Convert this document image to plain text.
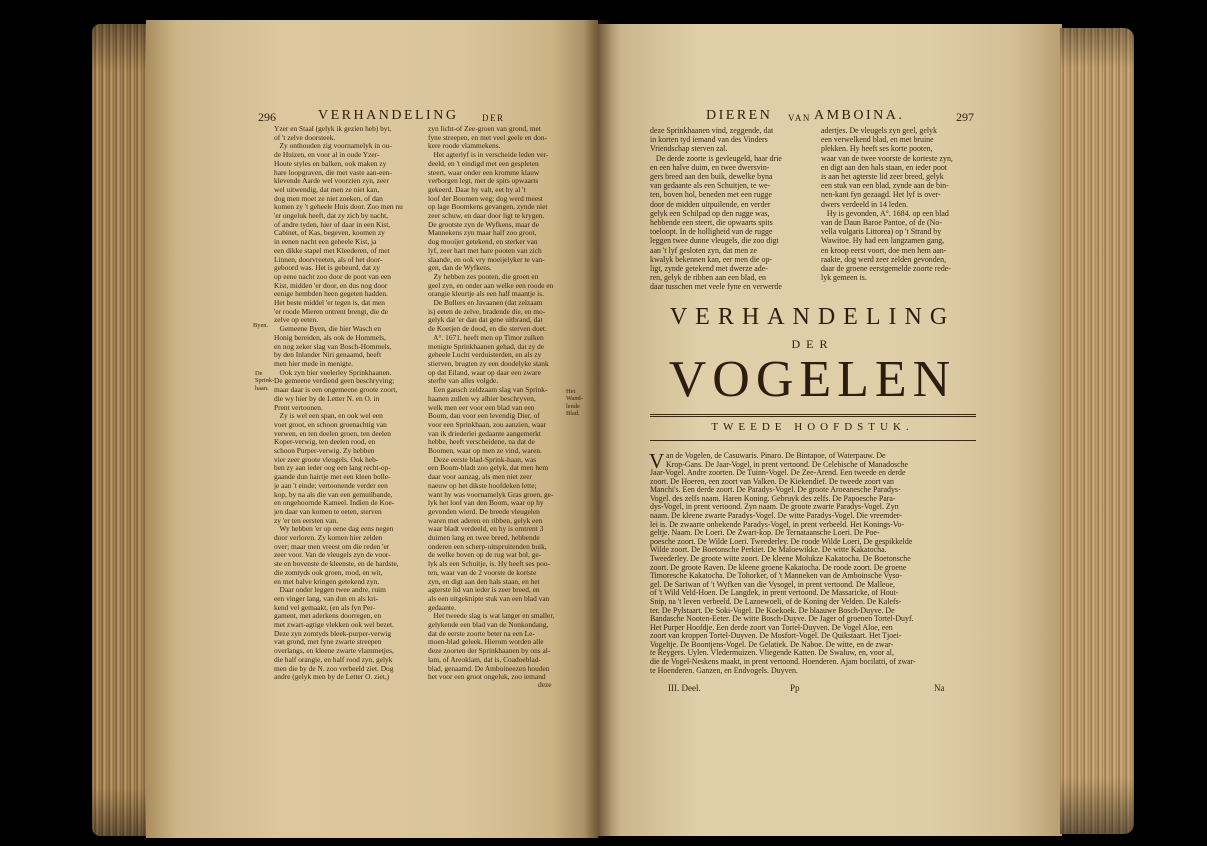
296	VERHANDELING	DER
Yzer en Staal (gelyk ik gezien heb) byt,
of 't zelve doorsteek.
Zy onthouden zig voornamelyk in ou-
de Huizen, en voor al in oude Yzer-
Houte styles en balken, ook maken zy
hare loopgraven, die met vaste aan-een-
klevende Aarde wel voorzien zyn, zeer
wel uitwendig, dat men ze niet kan,
dog men moet ze niet zoeken, of dan
komen zy 't geheele Huis door. Zoo men nu
'er ongeluk heeft, dat zy zich by nacht,
of andre tyden, hier of daar in een Kist,
Cabinet, of Kas, begeven, koomen zy
in eenen nacht een geheele Kist, ja
een dikke stapel met Kleederen, of met
Linnen, doorvreeten, als of het door-
geboord was. Het is gebeurd, dat zy
op eene nacht zoo door de poot van een
Kist, midden 'er door, en dus nog door
eenige hembden heen gegeten hadden.
Het beste middel 'er tegen is, dat men
'er roode Mieren ontrent brengt, die de
zelve op eeten.
Gemeene Byen, die hier Wasch en
Honig bereiden, als ook de Hommels,
en nog zeker slag van Bosch-Hommels,
by den Inlander Niri genaamd, heeft
men hier mede in menigte.
Ook zyn hier veelerley Sprinkhaanen.
De gemeene verdiend geen beschryving;
maar daar is een ongemeene groote zoort,
die wy hier by de Letter N. en O. in
Prent vertoonen.
Zy is wel een span, en ook wel een
voet groot, en schoon groenachtig van
verwen, en ten deelen groen, ten deelen
Koper-verwig, ten deelen rood, en
schoon Purper-verwig. Zy hebben
vier zeer groote vleugels. Ook heb-
ben zy aan ieder oog een lang recht-op-
gaande dun hairtje met een kleen bolle-
je aan 't einde; vertoonende verder een
kop, by na als die van een gemuilbande,
en ongehoornde Kameel. Indien de Koe-
jen daar van komen te eeten, sterven
zy 'er ten eersten van.
Wy hebben 'er op eene dag eens negen
door verloren. Zy komen hier zelden
over; maar men vreest om die reden 'er
zeer voor. Van de vleugels zyn de voor-
ste en bovenste de kleenste, en de hardste,
die zomtyds ook groen, rood, en wit,
en met halve kringen getekend zyn.
Daar onder leggen twee andre, ruim
een vinger lang, van dun en als kri-
kend vel gemaakt, (en als fyn Per-
gament, met aderkens doorregen, en
met zwart-agtige vlekken ook wel bezet.
Deze zyn zomtyds bleek-purper-verwig
van grond, met fyne zwarte streepen
overlangs, en kleene zwarte vlammetjes,
die half orangie, en half rood zyn, gelyk
men die by de N. zoo verbeeld ziet. Dog
andre (gelyk men by de Letter O. ziet,)
zyn licht-of Zee-groen van grond, met
fyne streepen, en met veel geele en don-
kere roode vlammekens.
Het agterlyf is in verscheide leden ver-
deeld, en 't eindigd met een gespleten
steert, waar onder een kromme klauw
verborgen legt, met de spits opwaarts
gekeerd. Daar hy valt, eet hy al 't
loof der Boomen weg; dog werd meest
op lage Boomkens gevangen, zynde niet
zeer schuw, en daar door ligt te krygen.
De grootste zyn de Wyfkens, maar de
Mannekens zyn maar half zoo groot,
dog mooijer getekend, en sterker van
lyf, zeer hart met hare pooten van zich
slaande, en ook vry moeijelyker te van-
gen, dan de Wyfkens.
Zy hebben zes pooten, die groen en
geel zyn, en onder aan welke een roode en
orangie kleurtje als een half maantje is.
De Bullers en Javaanen (dat zelzaam
is) eeten de zelve, bradende die, en mo-
gelyk dat 'er dan dat gene uitbrand, dat
de Koetjen de dood, en die sterven doet.
A°. 1671. heeft men op Timor zulken
menigte Sprinkhaanen gehad, dat zy de
geheele Lucht verduisterden, en als zy
stierven, brugten zy een doodelyke stank
op dat Eiland, waar op daar een zware
sterfte van alles volgde.
Een gansch zeldzaam slag van Sprink-
haanen zullen wy alhier beschryven,
welk men eer voor een blad van een
Boom, dan voor een levendig Dier, of
voor een Sprinkhaan, zou aanzien, waar
van ik driederlei gedaante aangemerkt
hebbe, heeft verscheidene, na dat de
Boomen, waar op men ze vind, waren.
Deze eerste blad-Sprink-haan, was
een Boom-bladt zoo gelyk, dat men hem
daar voor aanzag, als men niet zeer
naeuw op het dikste hoofdeken lette;
want hy was voornamelyk Gras groen, ge-
lyk het loof van den Boom, waar op hy
gevonden wierd. De breede vleugelen
waren met aderen en ribben, gelyk een
waar bladt verdeeld, en hy is omtrent 3
duimen lang en twee breed, hebbende
onderen een scherp-uitspruitenden buik,
de welke boven op de rug wat bol, ge-
lyk als een Schuitje, is. Hy heeft ses poo-
ten, waar van de 2 voorste de kortste
zyn, en digt aan den hals staan, en het
agterste lid van ieder is zeer breed, en
als een uitgeknipte stuk van een blad van
gedaante.
Het tweede slag is wat langer en smaller,
gelykende een blad van de Nonkondang,
dat de eerste zoorte beter na een Le-
moen-blad geleek. Hierom worden alle
deze zoorten der Sprinkhaanen by ons al-
lam, of Areoklam, dat is, Coadoeblad-
blad, genaamd. De Amboineezen houden
het voor een groot ongeluk, zoo iemand
deze
Byen.
De
Sprink-
haan.	Het
Wand-
lende
Blad.
DIEREN VAN AMBOINA.	297
deze Sprinkhaanen vind, zeggende, dat
in korten tyd iemand van des Vinders
Vriendschap sterven zal.
De derde zoorte is gevleugeld, haar drie
en een halve duim, en twee dwersvin-
gers breed aan den buik, dewelke byna
van gedaante als een Schuitjen, te we-
ten, boven hol, beneden met een rugge
door de midden uitpuilende, en verder
gelyk een Schilpad op den rugge was,
hebbende een steert, die opwaarts spits
toeloopt. In de holligheid van de rugge
leggen twee dunne vleugels, die zoo digt
aan 't lyf gesloten zyn, dat men ze
kwalyk bekennen kan, eer men die op-
ligt, zynde getekend met dwerze ade-
ren, gelyk de ribben aan een blad, en
daar tusschen met veele fyne en verwerde
adertjes. De vleugels zyn geel, gelyk
een verwelkend blad, en met bruine
plekken. Hy heeft ses korte pooten,
waar van de twee voorste de korteste zyn,
en digt aan den hals staan, en ieder poot
is aan het agterste lid zeer breed, gelyk
een stuk van een blad, zynde aan de bin-
nen-kant fyn gezaagd. Het lyf is over-
dwers verdeeld in 14 leden.
Hy is gevonden, A°. 1684. op een blad
van de Daun Baroe Pantoe, of de (No-
vella vulgaris Littorea) op 't Strand by
Wawitoe. Hy had een langzamen gang,
en kroop eerst voort, doe men hem aan-
raakte, dog werd zeer zelden gevonden,
daar de groene eerstgemelde zoorte rede-
lyk gemeen is.
VERHANDELING
DER
VOGELEN
TWEEDE HOOFDSTUK.
V an de Vogelen, de Casuwaris. Pinaro. De Bintapoe, of Waterpauw. De
Krop-Gans. De Jaar-Vogel, in prent vertoond. De Celebische of Manadosche
Jaar-Vogel. Andre zoorten. De Tuinn-Vogel. De Zee-Arend. Een tweede en derde
zoort. De Hoeren, een zoort van Valken. De Kiekendief. De tweede zoort van
Manchi's. Een derde zoort. De Paradys-Vogel. De groote Aroeanesche Paradys-
Vogel. des zelfs naam. Haren Koning. Gebruyk des zelfs. De Papoesche Para-
dys-Vogel, in prent vertoond. Zyn naam. De groote zwarte Paradys-Vogel. Zyn
naam. De kleene zwarte Paradys-Vogel. De witte Paradys-Vogel. Die vreemder-
lei is. De zwaarte onbekende Paradys-Vogel, in prent verbeeld. Het Konings-Vo-
geltje. Naam. De Loeri. De Zwart-kop. De Ternataansche Loeri. De Poe-
poesche zoort. De Wilde Loeri. Tweederley. De roode Wilde Loeri, De gespikkelde
Wilde zoort. De Boetonsche Perkiet. De Maloewikke. De witte Kakatocha.
Tweederley. De groote witte zoort. De kleene Molukze Kakatocha. De Boetonsche
zoort. De groote Raven. De kleene groene Kakatocha. De roode zoort. De groene
Timoresche Kakatocha. De Tohorker, of 't Manneken van de Amboinsche Vyso-
gel. De Sariwan of 't Wyfken van die Vysogel, in prent vertoond. De Malleoe,
of 't Wild Veld-Hoen. De Langdek, in prent vertoond. De Massaricke, of Hout-
Snip, na 't leven verbeeld. De Lazoewoeli, of de Koning der Velden. De Kalefs-
ter. De Pylstaart. De Soki-Vogel. De Koekoek. De blaauwe Bosch-Duyve. De
Bandasche Nooten-Eeter. De witte Bosch-Duyve. De Jager of groenen Tortel-Duyf.
Het Purper Hoofdje. Een derde zoort van Tortel-Duyven. De Vogel Aloe, een
zoort van kroppen Tortel-Duyven. De Mosfort-Vogel. De Quikstaart. Het Tjoei-
Vogeltje. De Boontjens-Vogel. De Gelatiek. De Naboe. De witte, en de zwar-
te Reygers. Uylen. Vledermuizen. Vliegende Katten. De Swaluw, en, voor al,
die de Vogel-Neskens maakt, in prent vertoond. Hoenderen. Ajam bocilatti, of zwar-
te Hoenderen. Ganzen, en Endvogels. Duyven.
III. Deel.	Pp	Na
